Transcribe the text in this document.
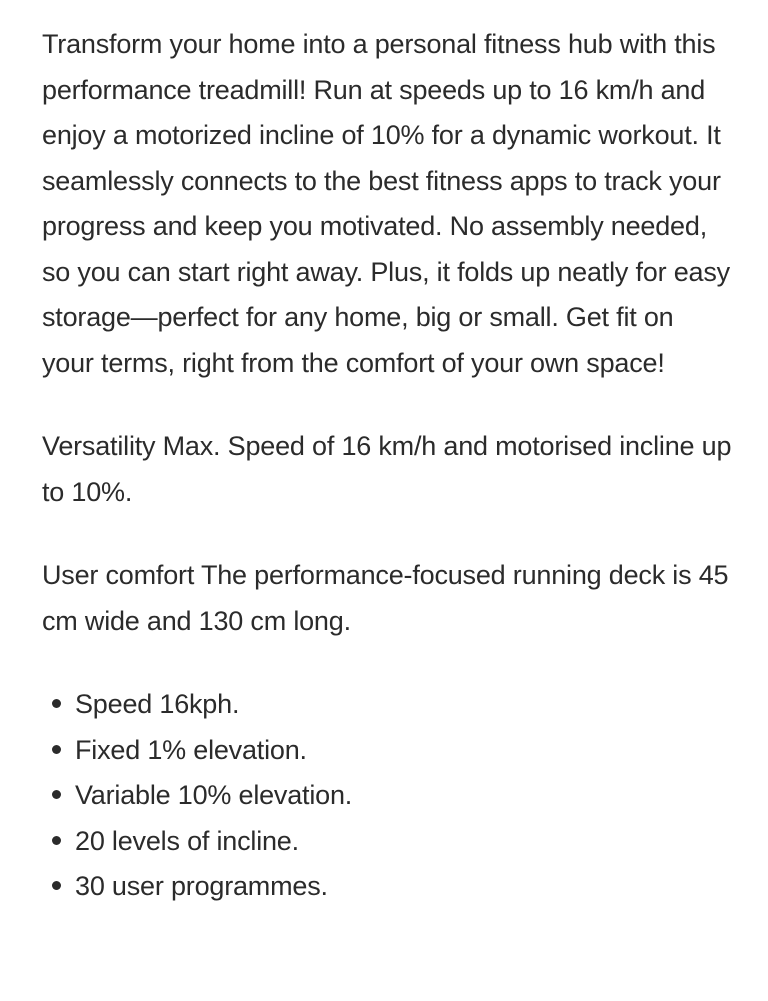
Transform your home into a personal fitness hub with this performance treadmill! Run at speeds up to 16 km/h and enjoy a motorized incline of 10% for a dynamic workout. It seamlessly connects to the best fitness apps to track your progress and keep you motivated. No assembly needed, so you can start right away. Plus, it folds up neatly for easy storage—perfect for any home, big or small. Get fit on your terms, right from the comfort of your own space!

Versatility Max. Speed of 16 km/h and motorised incline up to 10%.

User comfort The performance-focused running deck is 45 cm wide and 130 cm long.

Speed 16kph.
Fixed 1% elevation.
Variable 10% elevation.
20 levels of incline.
30 user programmes.
